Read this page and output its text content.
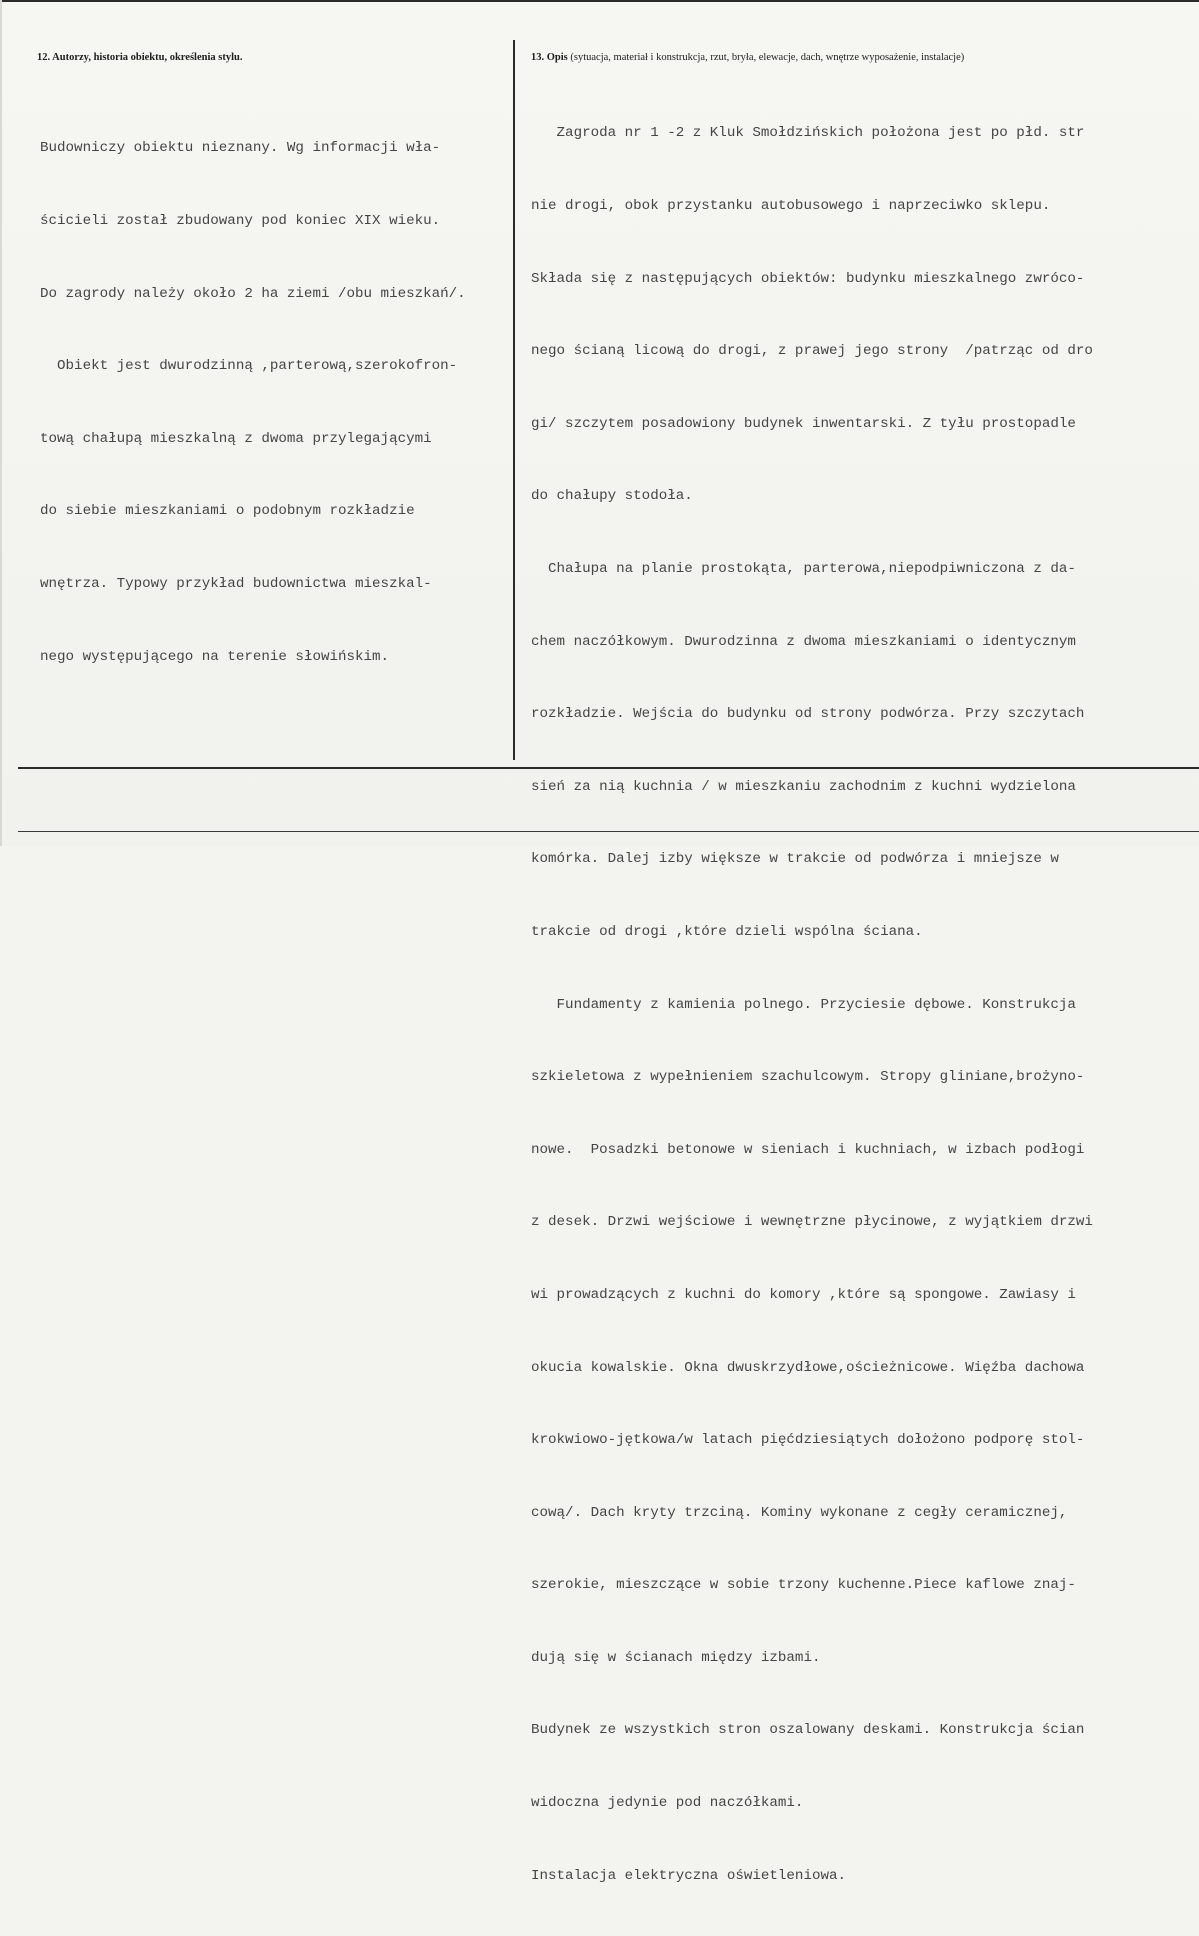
12. Autorzy, historia obiektu, określenia stylu.	13. Opis (sytuacja, materiał i konstrukcja, rzut, bryła, elewacje, dach, wnętrze wyposażenie, instalacje)

Budowniczy obiektu nieznany. Wg informacji wła-

ścicieli został zbudowany pod koniec XIX wieku.

Do zagrody należy około 2 ha ziemi /obu mieszkań/.

Obiekt jest dwurodzinną ,parterową,szerokofron-

tową chałupą mieszkalną z dwoma przylegającymi

do siebie mieszkaniami o podobnym rozkładzie

wnętrza. Typowy przykład budownictwa mieszkal-

nego występującego na terenie słowińskim.

Zagroda nr 1 -2 z Kluk Smołdzińskich położona jest po płd. str

nie drogi, obok przystanku autobusowego i naprzeciwko sklepu.

Składa się z następujących obiektów: budynku mieszkalnego zwróco-

nego ścianą licową do drogi, z prawej jego strony  /patrząc od dro

gi/ szczytem posadowiony budynek inwentarski. Z tyłu prostopadle

do chałupy stodoła.

Chałupa na planie prostokąta, parterowa,niepodpiwniczona z da-

chem naczółkowym. Dwurodzinna z dwoma mieszkaniami o identycznym

rozkładzie. Wejścia do budynku od strony podwórza. Przy szczytach

sień za nią kuchnia / w mieszkaniu zachodnim z kuchni wydzielona

komórka. Dalej izby większe w trakcie od podwórza i mniejsze w

trakcie od drogi ,które dzieli wspólna ściana.

Fundamenty z kamienia polnego. Przyciesie dębowe. Konstrukcja

szkieletowa z wypełnieniem szachulcowym. Stropy gliniane,brożyno-

nowe.  Posadzki betonowe w sieniach i kuchniach, w izbach podłogi

z desek. Drzwi wejściowe i wewnętrzne płycinowe, z wyjątkiem drzwi

wi prowadzących z kuchni do komory ,które są spongowe. Zawiasy i

okucia kowalskie. Okna dwuskrzydłowe,ościeżnicowe. Więźba dachowa

krokwiowo-jętkowa/w latach pięćdziesiątych dołożono podporę stol-

cową/. Dach kryty trzciną. Kominy wykonane z cegły ceramicznej,

szerokie, mieszczące w sobie trzony kuchenne.Piece kaflowe znaj-

dują się w ścianach między izbami.

Budynek ze wszystkich stron oszalowany deskami. Konstrukcja ścian

widoczna jedynie pod naczółkami.

Instalacja elektryczna oświetleniowa.
